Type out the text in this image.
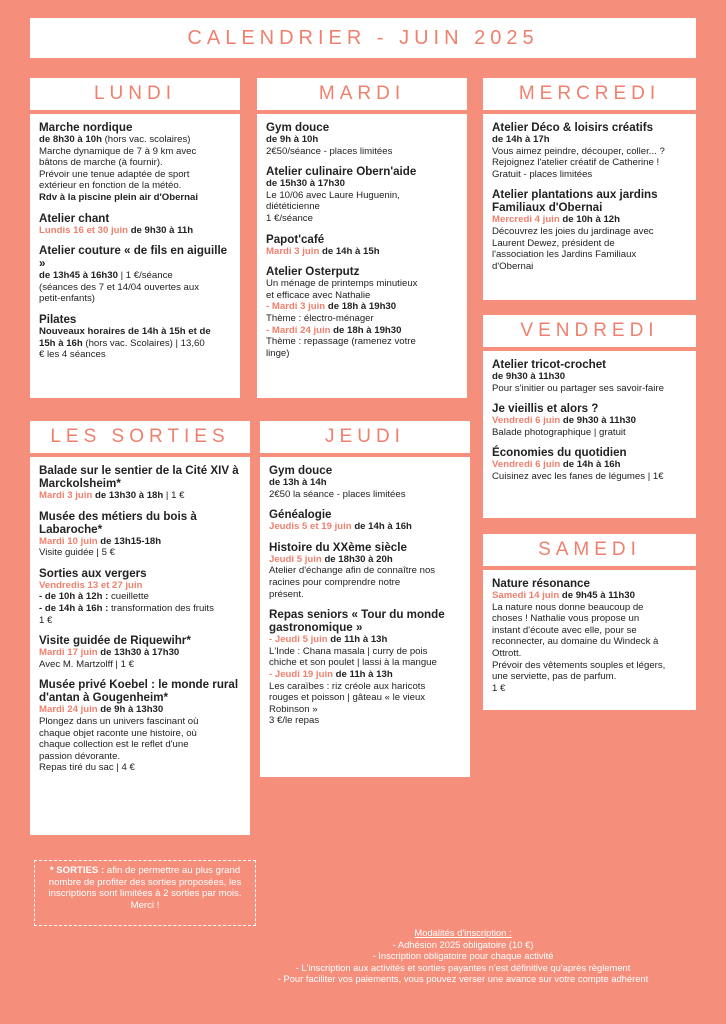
CALENDRIER - JUIN 2025
LUNDI
Marche nordique
de 8h30 à 10h (hors vac. scolaires)
Marche dynamique de 7 à 9 km avec
bâtons de marche (à fournir).
Prévoir une tenue adaptée de sport
extérieur en fonction de la météo.
Rdv à la piscine plein air d'Obernai
Atelier chant
Lundis 16 et 30 juin de 9h30 à 11h
Atelier couture « de fils en aiguille »
de 13h45 à 16h30 | 1 €/séance
(séances des 7 et 14/04 ouvertes aux
petit-enfants)
Pilates
Nouveaux horaires de 14h à 15h et de
15h à 16h (hors vac. Scolaires) | 13,60
€ les 4 séances
MARDI
Gym douce
de 9h à 10h
2€50/séance - places limitées
Atelier culinaire Obern'aide
de 15h30 à 17h30
Le 10/06 avec Laure Huguenin,
diététicienne
1 €/séance
Papot'café
Mardi 3 juin de 14h à 15h
Atelier Osterputz
Un ménage de printemps minutieux
et efficace avec Nathalie
- Mardi 3 juin de 18h à 19h30
Thème : électro-ménager
- Mardi 24 juin de 18h à 19h30
Thème : repassage (ramenez votre
linge)
MERCREDI
Atelier Déco & loisirs créatifs
de 14h à 17h
Vous aimez peindre, découper, coller... ?
Rejoignez l'atelier créatif de Catherine !
Gratuit - places limitées
Atelier plantations aux jardins Familiaux d'Obernai
Mercredi 4 juin de 10h à 12h
Découvrez les joies du jardinage avec
Laurent Dewez, président de
l'association les Jardins Familiaux
d'Obernai
VENDREDI
Atelier tricot-crochet
de 9h30 à 11h30
Pour s'initier ou partager ses savoir-faire
Je vieillis et alors ?
Vendredi 6 juin de 9h30 à 11h30
Balade photographique | gratuit
Économies du quotidien
Vendredi 6 juin de 14h à 16h
Cuisinez avec les fanes de légumes | 1€
SAMEDI
Nature résonance
Samedi 14 juin de 9h45 à 11h30
La nature nous donne beaucoup de
choses ! Nathalie vous propose un
instant d'écoute avec elle, pour se
reconnecter, au domaine du Windeck à
Ottrott.
Prévoir des vêtements souples et légers,
une serviette, pas de parfum.
1 €
LES SORTIES
Balade sur le sentier de la Cité XIV à Marckolsheim*
Mardi 3 juin de 13h30 à 18h | 1 €
Musée des métiers du bois à Labaroche*
Mardi 10 juin de 13h15-18h
Visite guidée | 5 €
Sorties aux vergers
Vendredis 13 et 27 juin
- de 10h à 12h : cueillette
- de 14h à 16h : transformation des fruits
1 €
Visite guidée de Riquewihr*
Mardi 17 juin de 13h30 à 17h30
Avec M. Martzolff | 1 €
Musée privé Koebel : le monde rural d'antan à Gougenheim*
Mardi 24 juin de 9h à 13h30
Plongez dans un univers fascinant où
chaque objet raconte une histoire, où
chaque collection est le reflet d'une
passion dévorante.
Repas tiré du sac | 4 €
JEUDI
Gym douce
de 13h à 14h
2€50 la séance - places limitées
Généalogie
Jeudis 5 et 19 juin de 14h à 16h
Histoire du XXème siècle
Jeudi 5 juin de 18h30 à 20h
Atelier d'échange afin de connaître nos
racines pour comprendre notre
présent.
Repas seniors « Tour du monde gastronomique »
- Jeudi 5 juin de 11h à 13h
L'Inde : Chana masala | curry de pois
chiche et son poulet | lassi à la mangue
- Jeudi 19 juin de 11h à 13h
Les caraïbes : riz créole aux haricots
rouges et poisson | gâteau « le vieux
Robinson »
3 €/le repas
* SORTIES : afin de permettre au plus grand nombre de profiter des sorties proposées, les inscriptions sont limitées à 2 sorties par mois. Merci !
Modalités d'inscription :
- Adhésion 2025 obligatoire (10 €)
- Inscription obligatoire pour chaque activité
- L'inscription aux activités et sorties payantes n'est définitive qu'après règlement
- Pour faciliter vos paiements, vous pouvez verser une avance sur votre compte adhérent
